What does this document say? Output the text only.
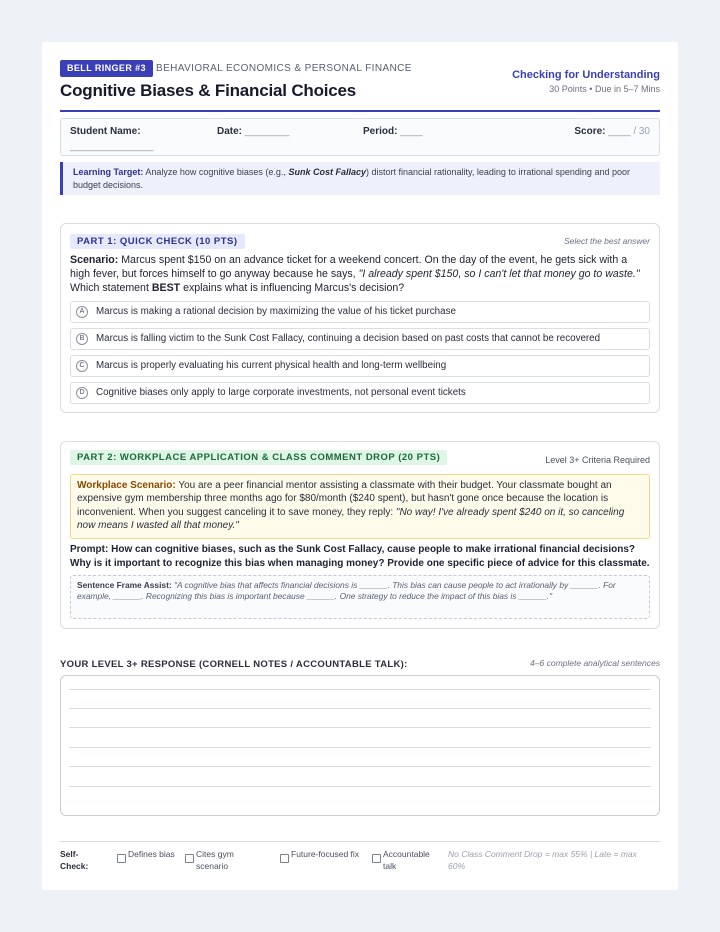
BELL RINGER #3	BEHAVIORAL ECONOMICS & PERSONAL FINANCE
Cognitive Biases & Financial Choices
Checking for Understanding
30 Points • Due in 5–7 Mins
Student Name:
_______________
Date: ________	Period: ____	Score: ____ / 30
Learning Target: Analyze how cognitive biases (e.g., Sunk Cost Fallacy) distort financial rationality, leading to irrational spending and poor budget decisions.
PART 1: QUICK CHECK (10 PTS)	Select the best answer
Scenario: Marcus spent $150 on an advance ticket for a weekend concert. On the day of the event, he gets sick with a high fever, but forces himself to go anyway because he says, "I already spent $150, so I can't let that money go to waste." Which statement BEST explains what is influencing Marcus's decision?
A	Marcus is making a rational decision by maximizing the value of his ticket purchase
B	Marcus is falling victim to the Sunk Cost Fallacy, continuing a decision based on past costs that cannot be recovered
C	Marcus is properly evaluating his current physical health and long-term wellbeing
D	Cognitive biases only apply to large corporate investments, not personal event tickets
PART 2: WORKPLACE APPLICATION & CLASS COMMENT DROP (20 PTS)	Level 3+ Criteria Required
Workplace Scenario: You are a peer financial mentor assisting a classmate with their budget. Your classmate bought an expensive gym membership three months ago for $80/month ($240 spent), but hasn't gone once because the location is inconvenient. When you suggest canceling it to save money, they reply: "No way! I've already spent $240 on it, so canceling now means I wasted all that money."
Prompt: How can cognitive biases, such as the Sunk Cost Fallacy, cause people to make irrational financial decisions? Why is it important to recognize this bias when managing money? Provide one specific piece of advice for this classmate.
Sentence Frame Assist: "A cognitive bias that affects financial decisions is ______. This bias can cause people to act irrationally by ______. For example, ______. Recognizing this bias is important because ______. One strategy to reduce the impact of this bias is ______."
YOUR LEVEL 3+ RESPONSE (CORNELL NOTES / ACCOUNTABLE TALK):	4–6 complete analytical sentences
Self-Check:
Defines bias	Cites gym scenario
Future-focused fix	Accountable talk
No Class Comment Drop = max 55% | Late = max 60%
